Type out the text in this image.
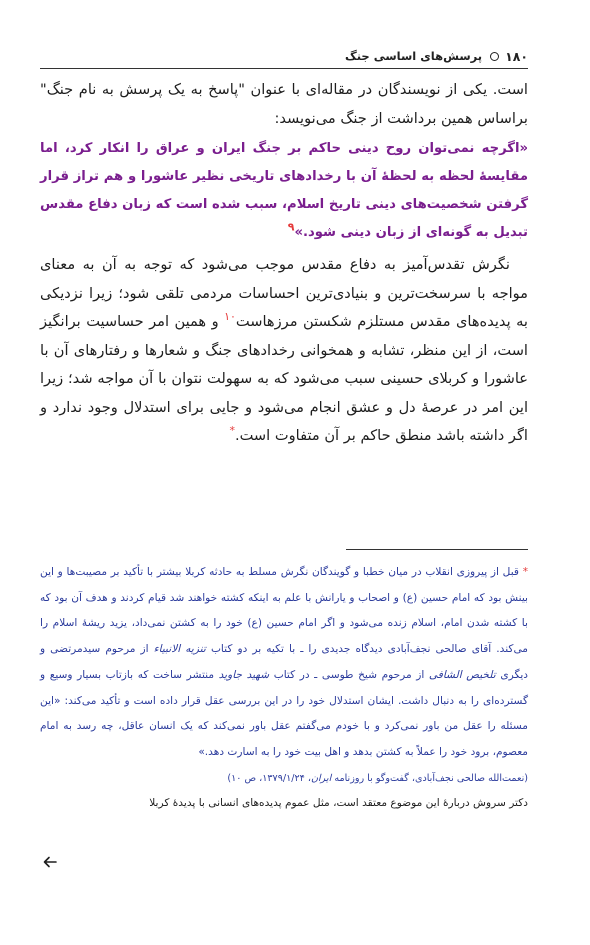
۱۸۰
پرسش‌های اساسی جنگ

است. یکی از نویسندگان در مقاله‌ای با عنوان "پاسخ به یک پرسش به نام جنگ" براساس همین برداشت از جنگ می‌نویسد:

«اگرچه نمی‌توان روح دینی حاکم بر جنگ ایران و عراق را انکار کرد، اما مقایسهٔ لحظه به لحظهٔ آن با رخدادهای تاریخی نظیر عاشورا و هم تراز قرار گرفتن شخصیت‌های دینی تاریخ اسلام، سبب شده است که زبان دفاع مقدس تبدیل به گونه‌ای از زبان دینی شود.»$^۹$

نگرش تقدس‌آمیز به دفاع مقدس موجب می‌شود که توجه به آن به معنای مواجه با سرسخت‌ترین و بنیادی‌ترین احساسات مردمی تلقی شود؛ زیرا نزدیکی به پدیده‌های مقدس مستلزم شکستن مرزهاست$^{۱۰}$ و همین امر حساسیت برانگیز است، از این منظر، تشابه و همخوانی رخدادهای جنگ و شعارها و رفتارهای آن با عاشورا و کربلای حسینی سبب می‌شود که به سهولت نتوان با آن مواجه شد؛ زیرا این امر در عرصهٔ دل و عشق انجام می‌شود و جایی برای استدلال وجود ندارد و اگر داشته باشد منطق حاکم بر آن متفاوت است.*

* قبل از پیروزی انقلاب در میان خطبا و گویندگان نگرش مسلط به حادثه کربلا بیشتر با تأکید بر مصیبت‌ها و این بینش بود که امام حسین (ع) و اصحاب و یارانش با علم به اینکه کشته خواهند شد قیام کردند و هدف آن بود که با کشته شدن امام، اسلام زنده می‌شود و اگر امام حسین (ع) خود را به کشتن نمی‌داد، یزید ریشهٔ اسلام را می‌کند. آقای صالحی نجف‌آبادی دیدگاه جدیدی را ـ با تکیه بر دو کتاب تنزیه الانبیاء از مرحوم سیدمرتضی و دیگری تلخیص الشافی از مرحوم شیخ طوسی ـ در کتاب شهید جاوید منتشر ساخت که بازتاب بسیار وسیع و گسترده‌ای را به دنبال داشت. ایشان استدلال خود را در این بررسی عقل قرار داده است و تأکید می‌کند: «این مسئله را عقل من باور نمی‌کرد و با خودم می‌گفتم عقل باور نمی‌کند که یک انسان عاقل، چه رسد به امام معصوم، برود خود را عملاً به کشتن بدهد و اهل بیت خود را به اسارت دهد.»

(نعمت‌الله صالحی نجف‌آبادی، گفت‌وگو با روزنامه ایران، ۱۳۷۹/۱/۲۴، ص ۱۰)

دکتر سروش دربارهٔ این موضوع معتقد است، مثل عموم پدیده‌های انسانی با پدیدهٔ کربلا
